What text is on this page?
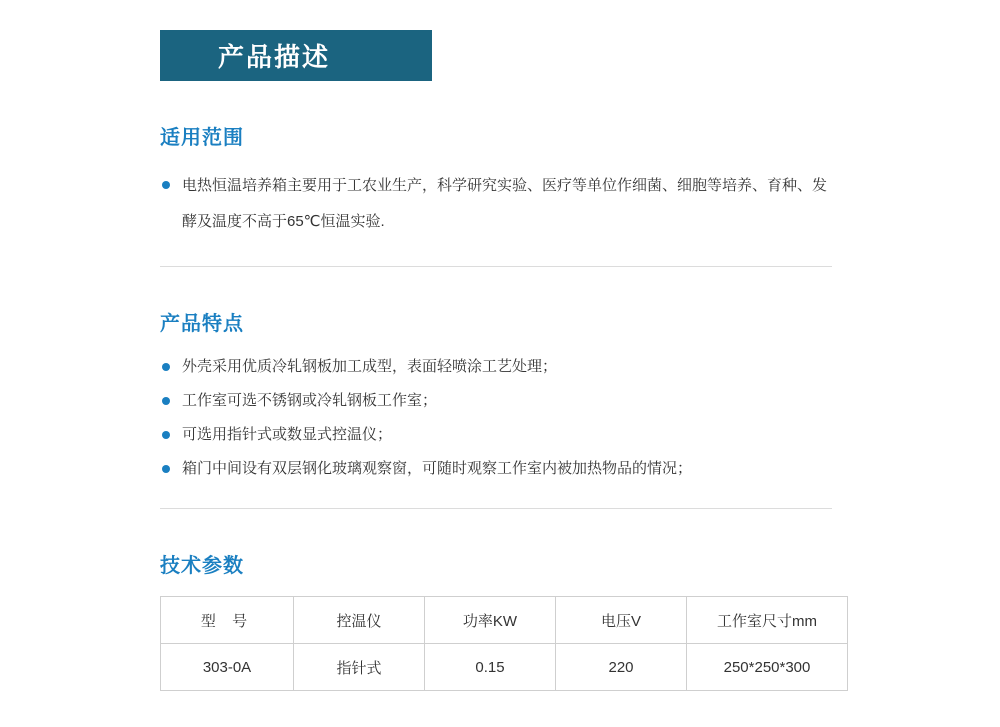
产品描述
适用范围
电热恒温培养箱主要用于工农业生产，科学研究实验、医疗等单位作细菌、细胞等培养、育种、发酵及温度不高于65℃恒温实验.
产品特点
外壳采用优质冷轧钢板加工成型，表面轻喷涂工艺处理；
工作室可选不锈钢或冷轧钢板工作室；
可选用指针式或数显式控温仪；
箱门中间设有双层钢化玻璃观察窗，可随时观察工作室内被加热物品的情况；
技术参数
型 号	控温仪	功率KW	电压V	工作室尺寸mm
303-0A	指针式	0.15	220	250*250*300
